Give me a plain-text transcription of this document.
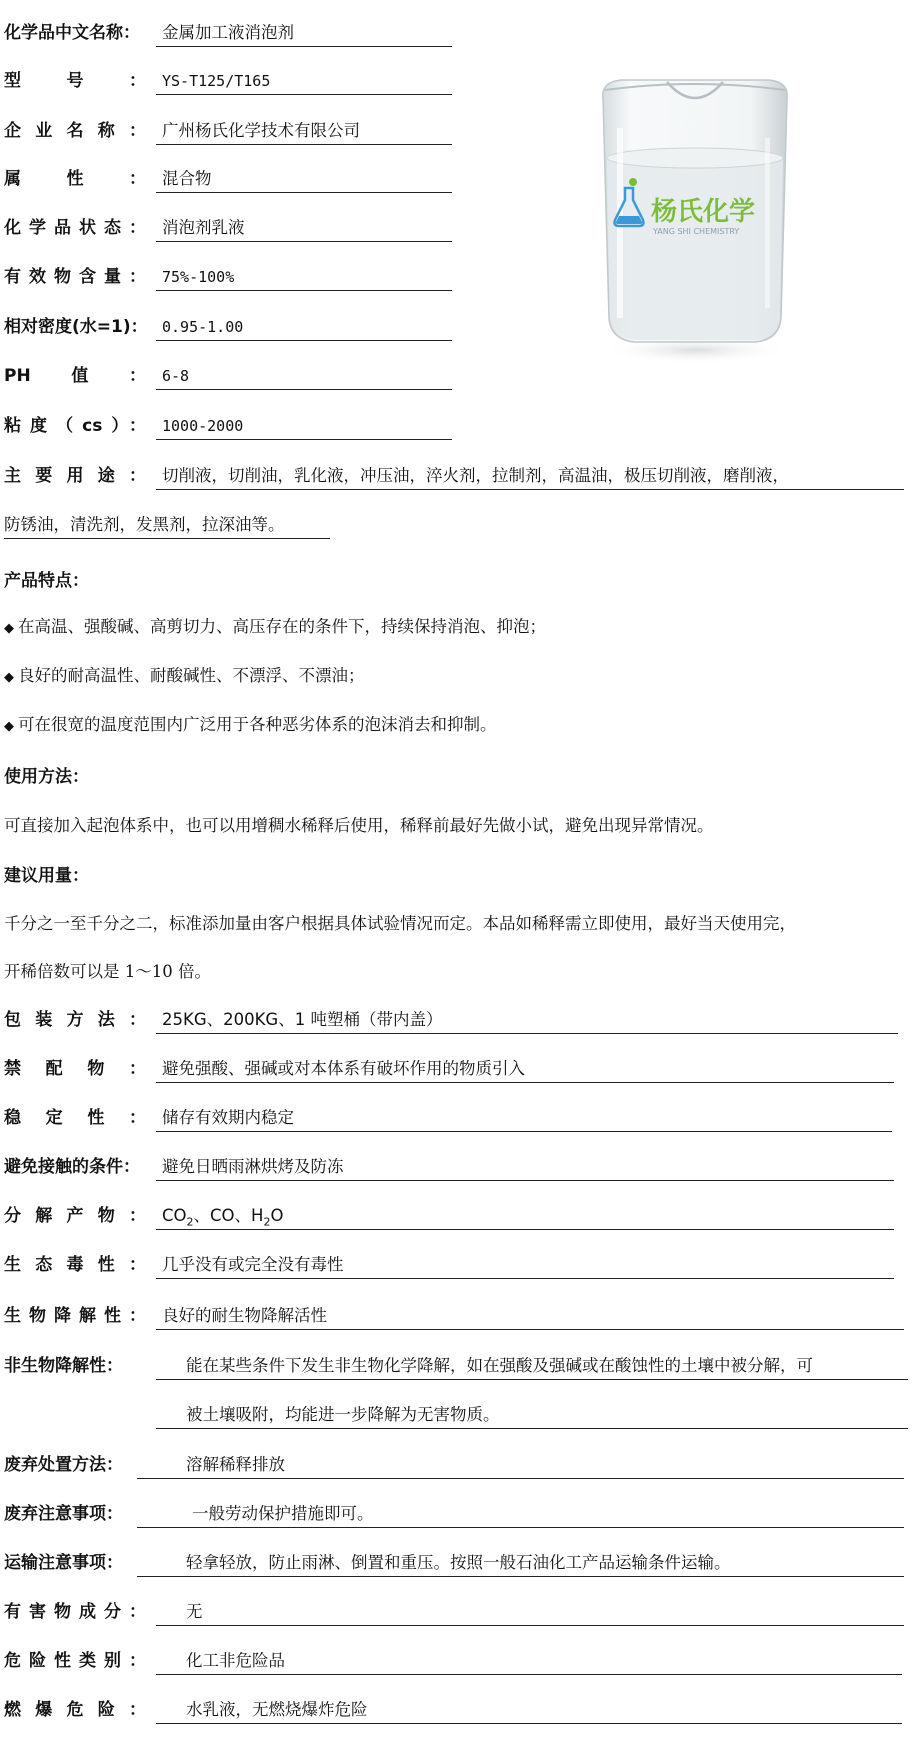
化学品中文名称：	金属加工液消泡剂
型号：	YS-T125/T165
企业名称： 广州杨氏化学技术有限公司
属性： 混合物
化学品状态： 消泡剂乳液
有效物含量：	75%-100%
相对密度(水=1)： 0.95-1.00
PH值：	6-8
粘度（cs）：	1000-2000
杨氏化学
YANG SHI CHEMISTRY
主要用途： 切削液，切削油，乳化液，冲压油，淬火剂，拉制剂，高温油，极压切削液，磨削液，
防锈油，清洗剂，发黑剂，拉深油等。
产品特点：
◆ 在高温、强酸碱、高剪切力、高压存在的条件下，持续保持消泡、抑泡；
◆ 良好的耐高温性、耐酸碱性、不漂浮、不漂油；
◆ 可在很宽的温度范围内广泛用于各种恶劣体系的泡沫消去和抑制。
使用方法：
可直接加入起泡体系中，也可以用增稠水稀释后使用，稀释前最好先做小试，避免出现异常情况。
建议用量：
千分之一至千分之二，标准添加量由客户根据具体试验情况而定。本品如稀释需立即使用，最好当天使用完，
开稀倍数可以是 1～10 倍。
包装方法： 25KG、200KG、1 吨塑桶（带内盖）
禁配物： 避免强酸、强碱或对本体系有破坏作用的物质引入
稳定性： 储存有效期内稳定
避免接触的条件：	避免日晒雨淋烘烤及防冻
分解产物： $CO_2$、CO、$H_2O$
生态毒性： 几乎没有或完全没有毒性
生物降解性： 良好的耐生物降解活性
非生物降解性：	能在某些条件下发生非生物化学降解，如在强酸及强碱或在酸蚀性的土壤中被分解，可
被土壤吸附，均能进一步降解为无害物质。
废弃处置方法：	溶解稀释排放
废弃注意事项：	一般劳动保护措施即可。
运输注意事项：	轻拿轻放，防止雨淋、倒置和重压。按照一般石油化工产品运输条件运输。
有害物成分：	无
危险性类别：	化工非危险品
燃爆危险：	水乳液，无燃烧爆炸危险
